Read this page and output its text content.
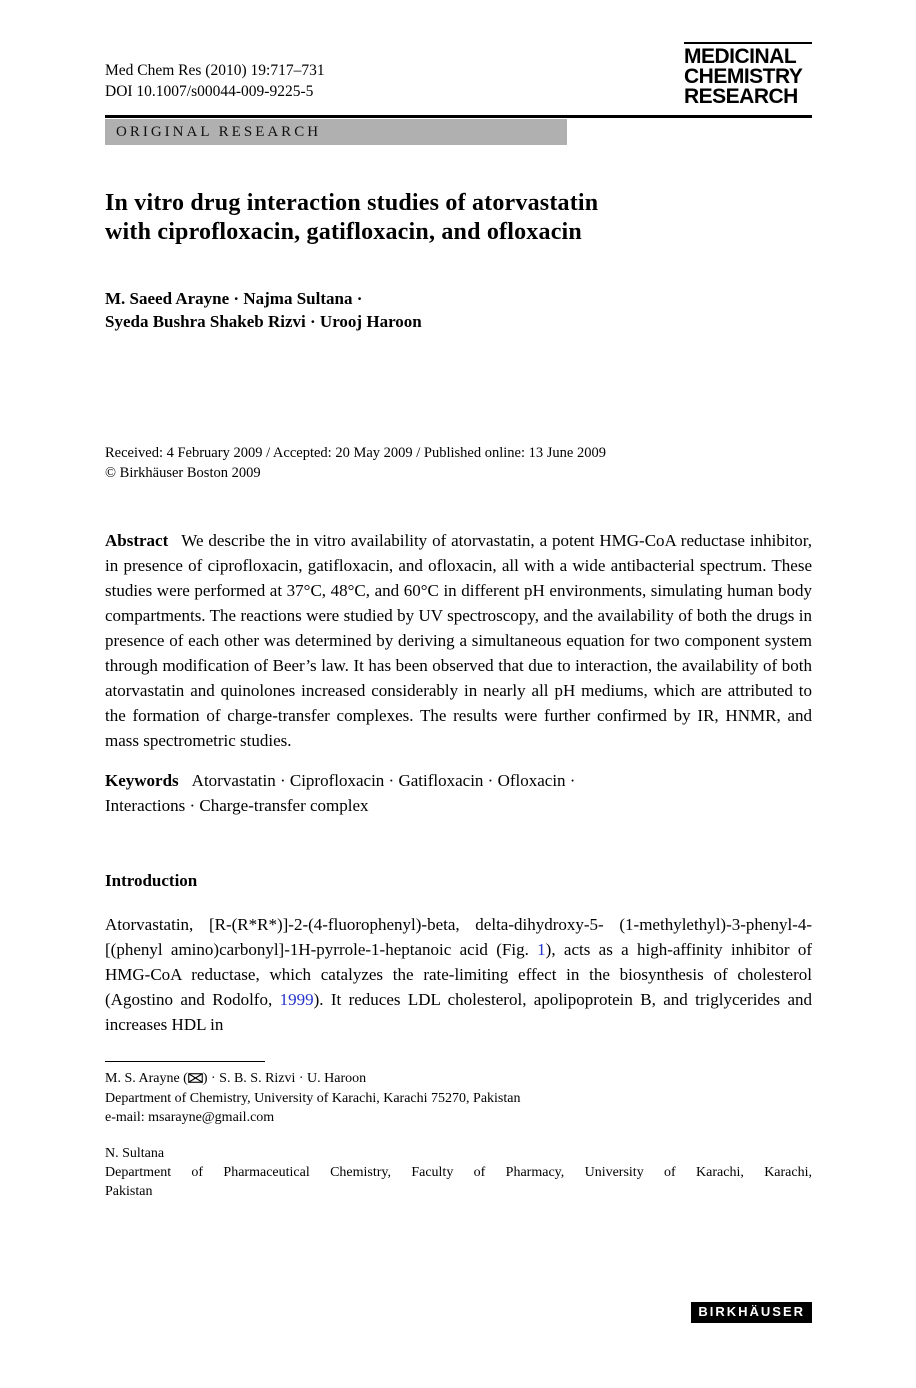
Med Chem Res (2010) 19:717–731
DOI 10.1007/s00044-009-9225-5
MEDICINAL
CHEMISTRY
RESEARCH
ORIGINAL RESEARCH
In vitro drug interaction studies of atorvastatin
with ciprofloxacin, gatifloxacin, and ofloxacin
M. Saeed Arayne · Najma Sultana ·
Syeda Bushra Shakeb Rizvi · Urooj Haroon
Received: 4 February 2009 / Accepted: 20 May 2009 / Published online: 13 June 2009
© Birkhäuser Boston 2009
Abstract We describe the in vitro availability of atorvastatin, a potent HMG-CoA reductase inhibitor, in presence of ciprofloxacin, gatifloxacin, and ofloxacin, all with a wide antibacterial spectrum. These studies were performed at 37°C, 48°C, and 60°C in different pH environments, simulating human body compartments. The reactions were studied by UV spectroscopy, and the availability of both the drugs in presence of each other was determined by deriving a simultaneous equation for two component system through modification of Beer’s law. It has been observed that due to interaction, the availability of both atorvastatin and quinolones increased considerably in nearly all pH mediums, which are attributed to the formation of charge-transfer complexes. The results were further confirmed by IR, HNMR, and mass spectrometric studies.
Keywords Atorvastatin · Ciprofloxacin · Gatifloxacin · Ofloxacin ·
Interactions · Charge-transfer complex
Introduction
Atorvastatin, [R-(R*R*)]-2-(4-fluorophenyl)-beta, delta-dihydroxy-5- (1-methylethyl)-3-phenyl-4-[(phenyl amino)carbonyl]-1H-pyrrole-1-heptanoic acid (Fig. 1), acts as a high-affinity inhibitor of HMG-CoA reductase, which catalyzes the rate-limiting effect in the biosynthesis of cholesterol (Agostino and Rodolfo, 1999). It reduces LDL cholesterol, apolipoprotein B, and triglycerides and increases HDL in
M. S. Arayne ( ) · S. B. S. Rizvi · U. Haroon
Department of Chemistry, University of Karachi, Karachi 75270, Pakistan
e-mail: msarayne@gmail.com
N. Sultana
Department of Pharmaceutical Chemistry, Faculty of Pharmacy, University of Karachi, Karachi,
Pakistan
BIRKHÄUSER
